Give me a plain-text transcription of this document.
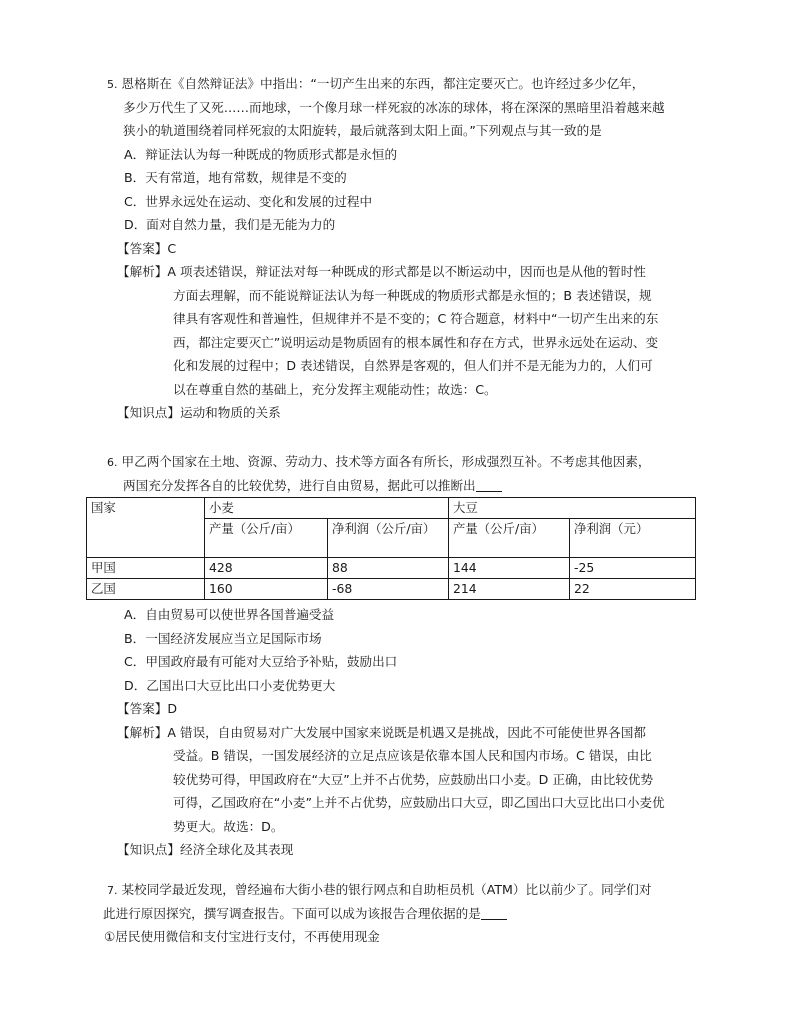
5. 恩格斯在《自然辩证法》中指出：“一切产生出来的东西，都注定要灭亡。也许经过多少亿年，
多少万代生了又死……而地球，一个像月球一样死寂的冰冻的球体，将在深深的黑暗里沿着越来越
狭小的轨道围绕着同样死寂的太阳旋转，最后就落到太阳上面。”下列观点与其一致的是
A．辩证法认为每一种既成的物质形式都是永恒的
B．天有常道，地有常数，规律是不变的
C．世界永远处在运动、变化和发展的过程中
D．面对自然力量，我们是无能为力的
【答案】C
【解析】A 项表述错误，辩证法对每一种既成的形式都是以不断运动中，因而也是从他的暂时性
方面去理解，而不能说辩证法认为每一种既成的物质形式都是永恒的；B 表述错误，规
律具有客观性和普遍性，但规律并不是不变的；C 符合题意，材料中“一切产生出来的东
西，都注定要灭亡”说明运动是物质固有的根本属性和存在方式，世界永远处在运动、变
化和发展的过程中；D 表述错误，自然界是客观的，但人们并不是无能为力的，人们可
以在尊重自然的基础上，充分发挥主观能动性；故选：C。
【知识点】运动和物质的关系
6. 甲乙两个国家在土地、资源、劳动力、技术等方面各有所长，形成强烈互补。不考虑其他因素，
两国充分发挥各自的比较优势，进行自由贸易，据此可以推断出
国家	小麦		大豆	
	产量（公斤/亩）	净利润（公斤/亩）	产量（公斤/亩）	净利润（元）
甲国	428	88	144	-25
乙国	160	-68	214	22
A．自由贸易可以使世界各国普遍受益
B．一国经济发展应当立足国际市场
C．甲国政府最有可能对大豆给予补贴，鼓励出口
D．乙国出口大豆比出口小麦优势更大
【答案】D
【解析】A 错误，自由贸易对广大发展中国家来说既是机遇又是挑战，因此不可能使世界各国都
受益。B 错误，一国发展经济的立足点应该是依靠本国人民和国内市场。C 错误，由比
较优势可得，甲国政府在“大豆”上并不占优势，应鼓励出口小麦。D 正确，由比较优势
可得，乙国政府在“小麦”上并不占优势，应鼓励出口大豆，即乙国出口大豆比出口小麦优
势更大。故选：D。
【知识点】经济全球化及其表现
7. 某校同学最近发现，曾经遍布大街小巷的银行网点和自助柜员机（ATM）比以前少了。同学们对
此进行原因探究，撰写调查报告。下面可以成为该报告合理依据的是
①居民使用微信和支付宝进行支付，不再使用现金
